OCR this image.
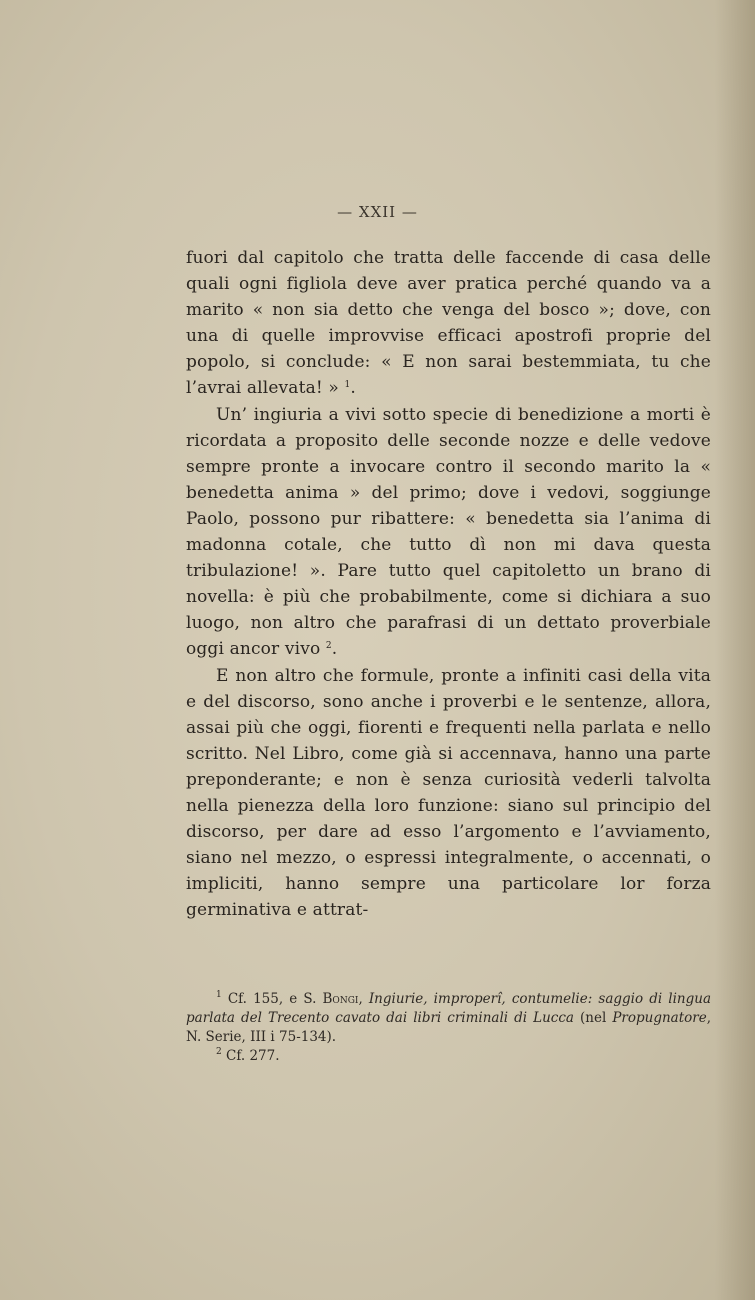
— XXII —

fuori dal capitolo che tratta delle faccende di casa delle quali ogni figliola deve aver pratica perché quando va a marito « non sia detto che venga del bosco »; dove, con una di quelle improvvise efficaci apostrofi proprie del popolo, si conclude: « E non sarai bestemmiata, tu che l’avrai allevata! » $^1$.

Un’ ingiuria a vivi sotto specie di benedizione a morti è ricordata a proposito delle seconde nozze e delle vedove sempre pronte a invocare contro il secondo marito la « benedetta anima » del primo; dove i vedovi, soggiunge Paolo, possono pur ribattere: « benedetta sia l’anima di madonna cotale, che tutto dì non mi dava questa tribulazione! ». Pare tutto quel capitoletto un brano di novella: è più che probabilmente, come si dichiara a suo luogo, non altro che parafrasi di un dettato proverbiale oggi ancor vivo $^2$.

E non altro che formule, pronte a infiniti casi della vita e del discorso, sono anche i proverbi e le sentenze, allora, assai più che oggi, fiorenti e frequenti nella parlata e nello scritto. Nel Libro, come già si accennava, hanno una parte preponderante; e non è senza curiosità vederli talvolta nella pienezza della loro funzione: siano sul principio del discorso, per dare ad esso l’argomento e l’avviamento, siano nel mezzo, o espressi integralmente, o accennati, o impliciti, hanno sempre una particolare lor forza germinativa e attrat-

$^1$ Cf. 155, e S. Bongi, Ingiurie, improperî, contumelie: saggio di lingua parlata del Trecento cavato dai libri criminali di Lucca (nel Propugnatore, N. Serie, III i 75-134).

$^2$ Cf. 277.
